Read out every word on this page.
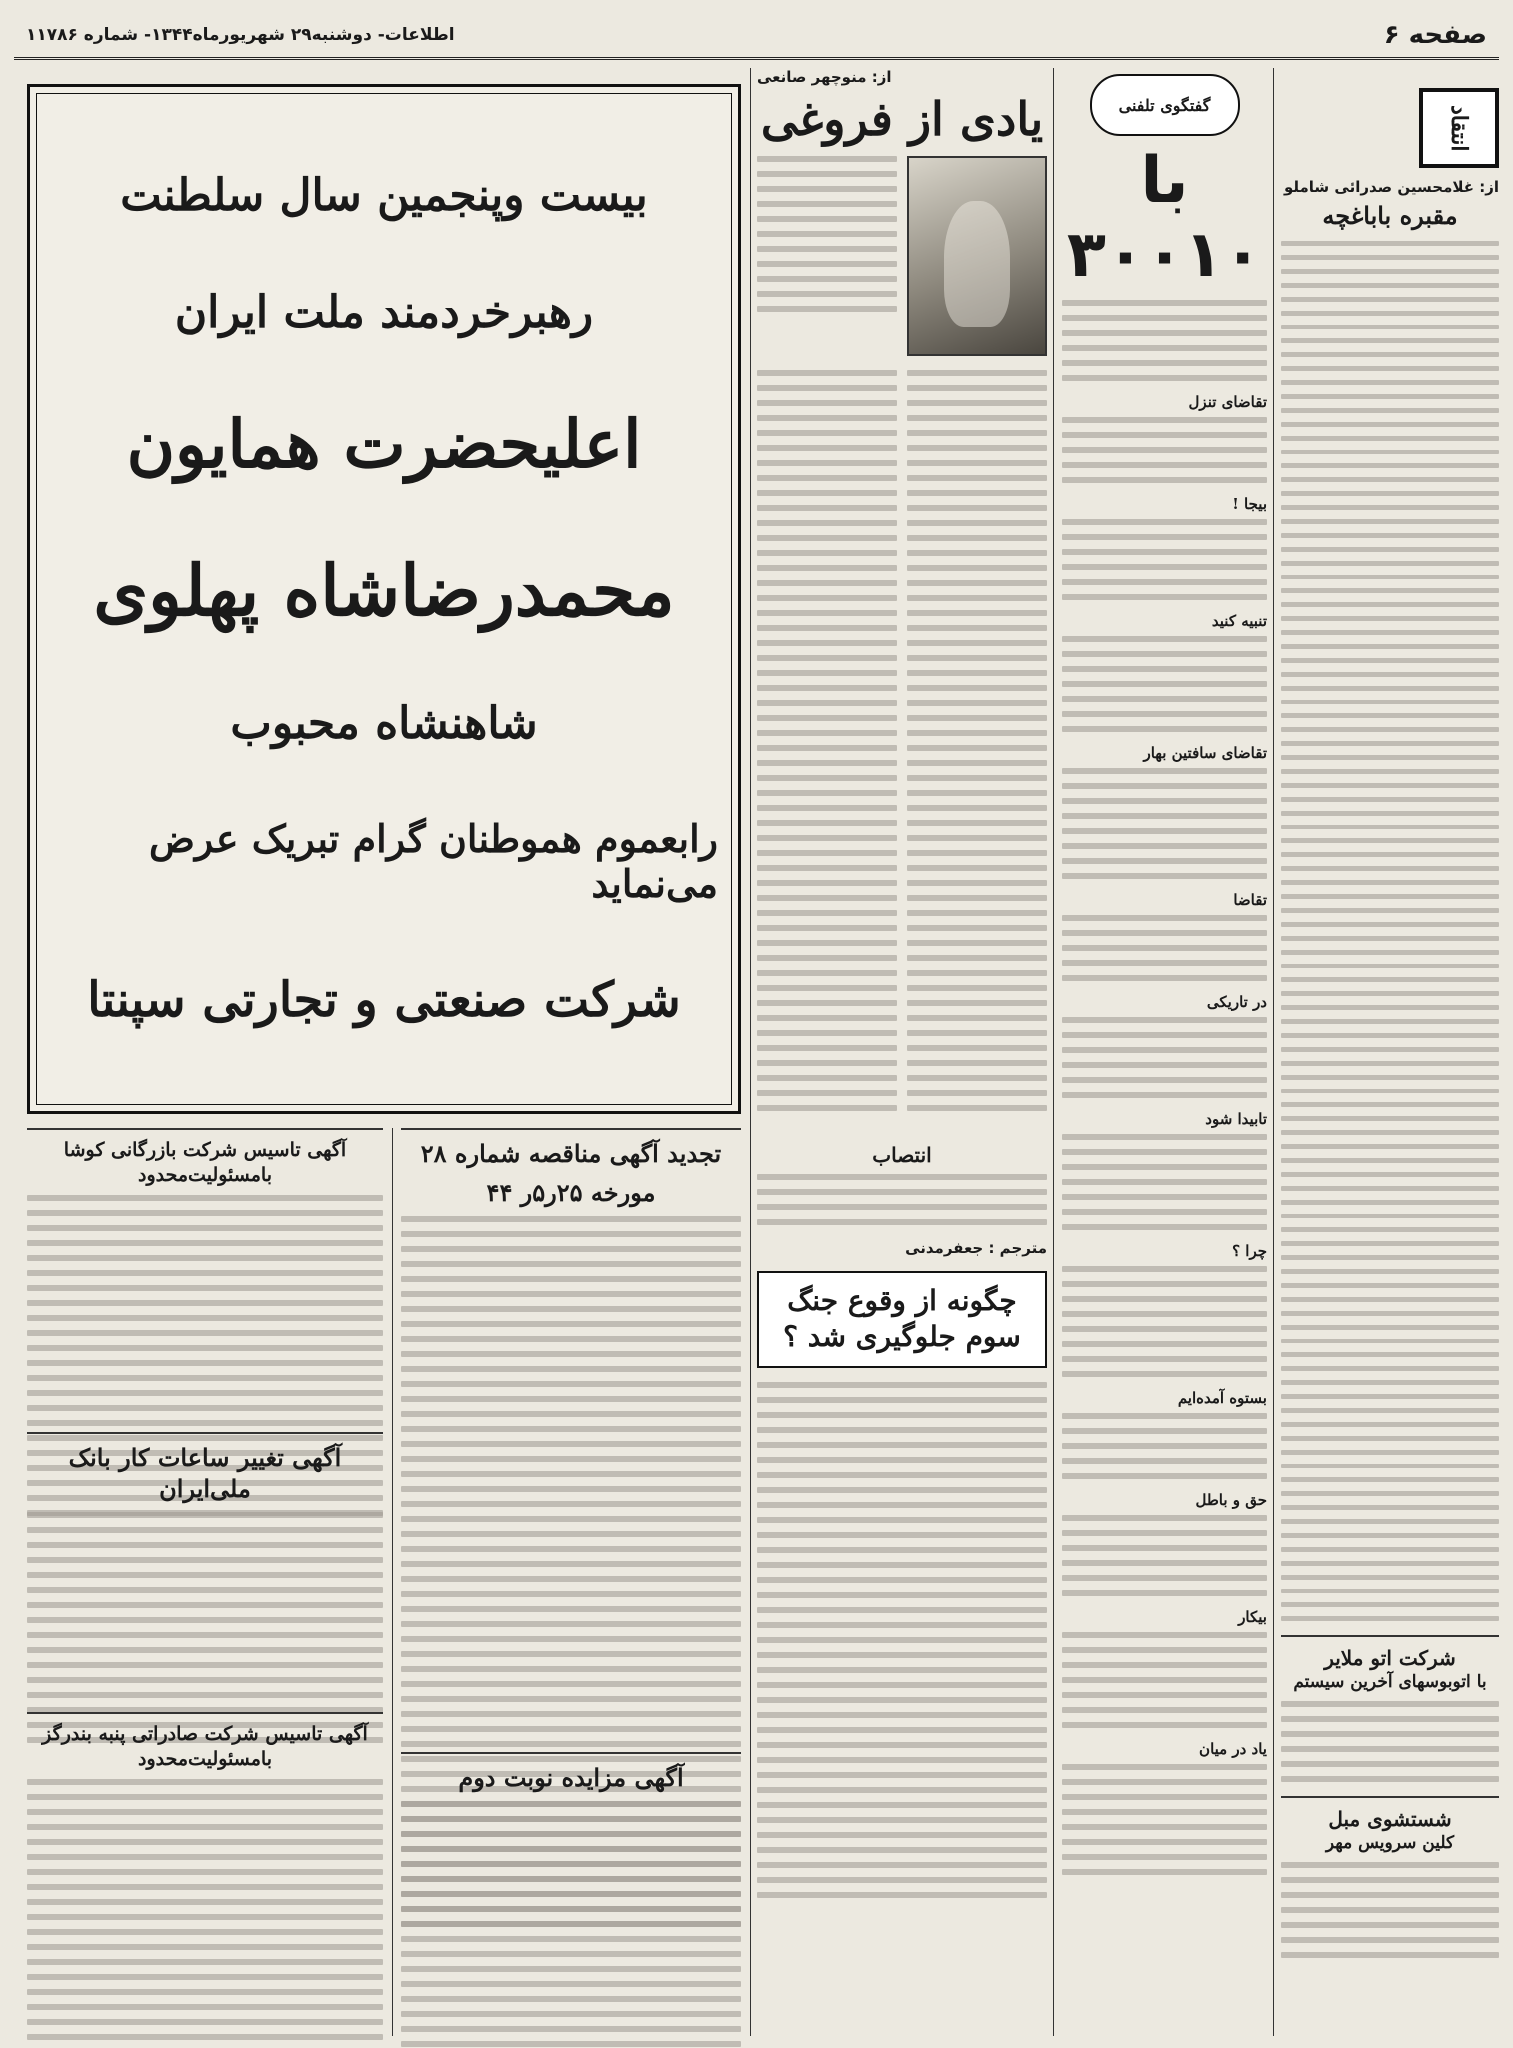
صفحه ۶
اطلاعات- دوشنبه۲۹ شهریورماه۱۳۴۴- شماره ۱۱۷۸۶
انتقاد
از: غلامحسین صدرائی شاملو
مقبره باباغچه
شرکت اتو ملایر
با اتوبوسهای آخرین سیستم
شستشوی مبل
کلین سرویس مهر
گفتگوی تلفنی
با ۳۰۰۱۰
تقاضای تنزل
بیجا !
تنبیه کنید
تقاضای سافتین بهار
تقاضا
در تاریکی
تابیدا شود
چرا ؟
بستوه آمده‌ایم
حق و باطل
بیکار
یاد در میان
از: منوچهر صانعی
یادی از فروغی
انتصاب
مترجم : جعفرمدنی
چگونه از وقوع جنگ سوم جلوگیری شد ؟
بیست وپنجمین سال سلطنت
رهبرخردمند ملت ایران
اعلیحضرت همایون
محمدرضاشاه پهلوی
شاهنشاه محبوب
رابعموم هموطنان گرام تبریک عرض می‌نماید
شرکت صنعتی و تجارتی سپنتا
تجدید آگهی مناقصه شماره ۲۸
مورخه ۲۵ر۵ر ۴۴
آگهی مزایده نوبت دوم
آگهی تاسیس شرکت بازرگانی کوشا بامسئولیت‌محدود
آگهی تغییر ساعات کار بانک ملی‌ایران
آگهی تاسیس شرکت صادراتی پنبه بندرگز بامسئولیت‌محدود
